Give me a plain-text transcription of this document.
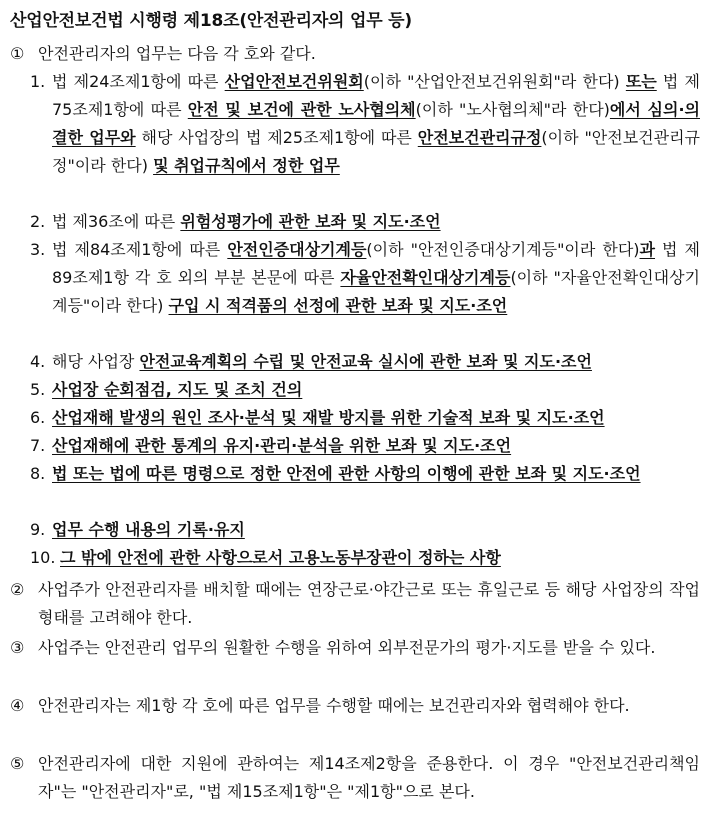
산업안전보건법 시행령 제18조(안전관리자의 업무 등)
① 안전관리자의 업무는 다음 각 호와 같다.
1. 법 제24조제1항에 따른 산업안전보건위원회(이하 "산업안전보건위원회"라 한다) 또는 법 제75조제1항에 따른 안전 및 보건에 관한 노사협의체(이하 "노사협의체"라 한다)에서 심의·의결한 업무와 해당 사업장의 법 제25조제1항에 따른 안전보건관리규정(이하 "안전보건관리규정"이라 한다) 및 취업규칙에서 정한 업무
2. 법 제36조에 따른 위험성평가에 관한 보좌 및 지도·조언
3. 법 제84조제1항에 따른 안전인증대상기계등(이하 "안전인증대상기계등"이라 한다)과 법 제89조제1항 각 호 외의 부분 본문에 따른 자율안전확인대상기계등(이하 "자율안전확인대상기계등"이라 한다) 구입 시 적격품의 선정에 관한 보좌 및 지도·조언
4. 해당 사업장 안전교육계획의 수립 및 안전교육 실시에 관한 보좌 및 지도·조언
5. 사업장 순회점검, 지도 및 조치 건의
6. 산업재해 발생의 원인 조사·분석 및 재발 방지를 위한 기술적 보좌 및 지도·조언
7. 산업재해에 관한 통계의 유지·관리·분석을 위한 보좌 및 지도·조언
8. 법 또는 법에 따른 명령으로 정한 안전에 관한 사항의 이행에 관한 보좌 및 지도·조언
9. 업무 수행 내용의 기록·유지
10. 그 밖에 안전에 관한 사항으로서 고용노동부장관이 정하는 사항
② 사업주가 안전관리자를 배치할 때에는 연장근로·야간근로 또는 휴일근로 등 해당 사업장의 작업 형태를 고려해야 한다.
③ 사업주는 안전관리 업무의 원활한 수행을 위하여 외부전문가의 평가·지도를 받을 수 있다.
④ 안전관리자는 제1항 각 호에 따른 업무를 수행할 때에는 보건관리자와 협력해야 한다.
⑤ 안전관리자에 대한 지원에 관하여는 제14조제2항을 준용한다. 이 경우 "안전보건관리책임자"는 "안전관리자"로, "법 제15조제1항"은 "제1항"으로 본다.
